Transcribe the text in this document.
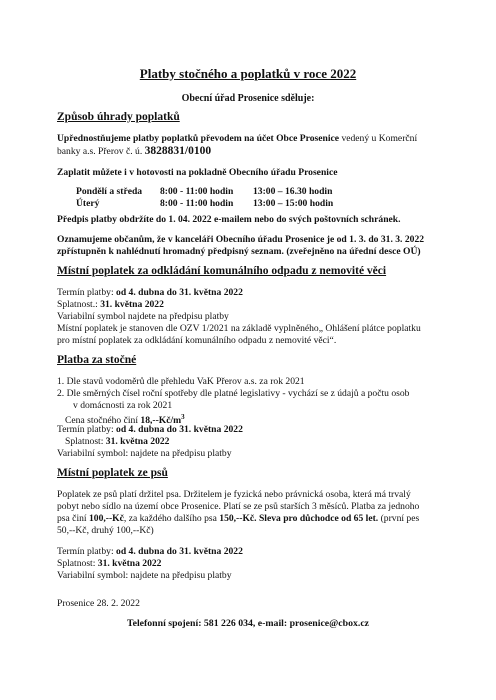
Platby stočného a poplatků v roce 2022
Obecní úřad Prosenice sděluje:
Způsob úhrady poplatků
Upřednostňujeme platby poplatků převodem na účet Obce Prosenice vedený u Komerční
banky a.s. Přerov č. ú. 3828831/0100
Zaplatit můžete i v hotovosti na pokladně Obecního úřadu Prosenice
Pondělí a středa	8:00 - 11:00 hodin	13:00 – 16.30 hodin
Úterý	8:00 - 11:00 hodin	13:00 – 15:00 hodin
Předpis platby obdržíte do 1. 04. 2022 e-mailem nebo do svých poštovních schránek.
Oznamujeme občanům, že v kanceláři Obecního úřadu Prosenice je od 1. 3. do 31. 3. 2022
zpřístupněn k nahlédnutí hromadný předpisný seznam. (zveřejněno na úřední desce OÚ)
Místní poplatek za odkládání komunálního odpadu z nemovité věci
Termín platby: od 4. dubna do 31. května 2022
Splatnost.: 31. května 2022
Variabilní symbol najdete na předpisu platby
Místní poplatek je stanoven dle OZV 1/2021 na základě vyplněného„ Ohlášení plátce poplatku
pro místní poplatek za odkládání komunálního odpadu z nemovité věci“.
Platba za stočné
1. Dle stavů vodoměrů dle přehledu VaK Přerov a.s. za rok 2021
2. Dle směrných čísel roční spotřeby dle platné legislativy - vychází se z údajů a počtu osob
v domácnosti za rok 2021
Cena stočného činí $18,--Kč/m^3$
Termín platby: od 4. dubna do 31. května 2022
Splatnost: 31. května 2022
Variabilní symbol: najdete na předpisu platby
Místní poplatek ze psů
Poplatek ze psů platí držitel psa. Držitelem je fyzická nebo právnická osoba, která má trvalý
pobyt nebo sídlo na území obce Prosenice. Platí se ze psů starších 3 měsíců. Platba za jednoho
psa činí 100,--Kč, za každého dalšího psa 150,--Kč. Sleva pro důchodce od 65 let. (první pes
50,--Kč, druhý 100,--Kč)
Termín platby: od 4. dubna do 31. května 2022
Splatnost: 31. května 2022
Variabilní symbol: najdete na předpisu platby
Prosenice 28. 2. 2022
Telefonní spojení: 581 226 034, e-mail: prosenice@cbox.cz
